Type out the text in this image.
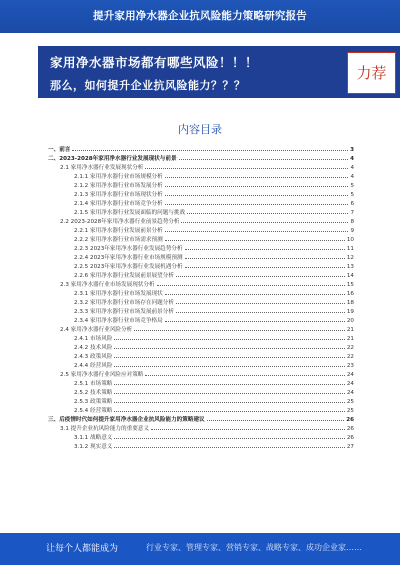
提升家用净水器企业抗风险能力策略研究报告
家用净水器市场都有哪些风险！！！
那么，如何提升企业抗风险能力？？？
力荐
内容目录
一、前言	3
二、2023-2028年家用净水器行业发展现状与前景	4
2.1 家用净水器行业发展现状分析	4
2.1.1 家用净水器行业市场规模分析	4
2.1.2 家用净水器行业市场发展分析	5
2.1.3 家用净水器行业市场现状分析	5
2.1.4 家用净水器行业市场竞争分析	6
2.1.5 家用净水器行业发展面临的问题与挑战	7
2.2 2023-2028年家用净水器行业前景趋势分析	8
2.2.1 家用净水器行业发展前景分析	9
2.2.2 家用净水器行业市场需求预测	10
2.2.3 2023年家用净水器行业发展趋势分析	11
2.2.4 2023年家用净水器行业市场规模预测	12
2.2.5 2023年家用净水器行业发展机遇分析	13
2.2.6 家用净水器行业发展前景展望分析	14
2.3 家用净水器行业市场发展现状分析	15
2.3.1 家用净水器行业市场发展现状	16
2.3.2 家用净水器行业市场存在问题分析	18
2.3.3 家用净水器行业市场发展前景分析	19
2.3.4 家用净水器行业市场竞争格局	20
2.4 家用净水器行业风险分析	21
2.4.1 市场风险	21
2.4.2 技术风险	22
2.4.3 政策风险	22
2.4.4 经营风险	23
2.5 家用净水器行业风险应对策略	24
2.5.1 市场策略	24
2.5.2 技术策略	24
2.5.3 政策策略	25
2.5.4 经营策略	25
三、后疫情时代如何提升家用净水器企业抗风险能力的策略建议	26
3.1 提升企业抗风险能力的重要意义	26
3.1.1 战略意义	26
3.1.2 现实意义	27
让每个人都能成为	行业专家、管理专家、营销专家、战略专家、成功企业家……
